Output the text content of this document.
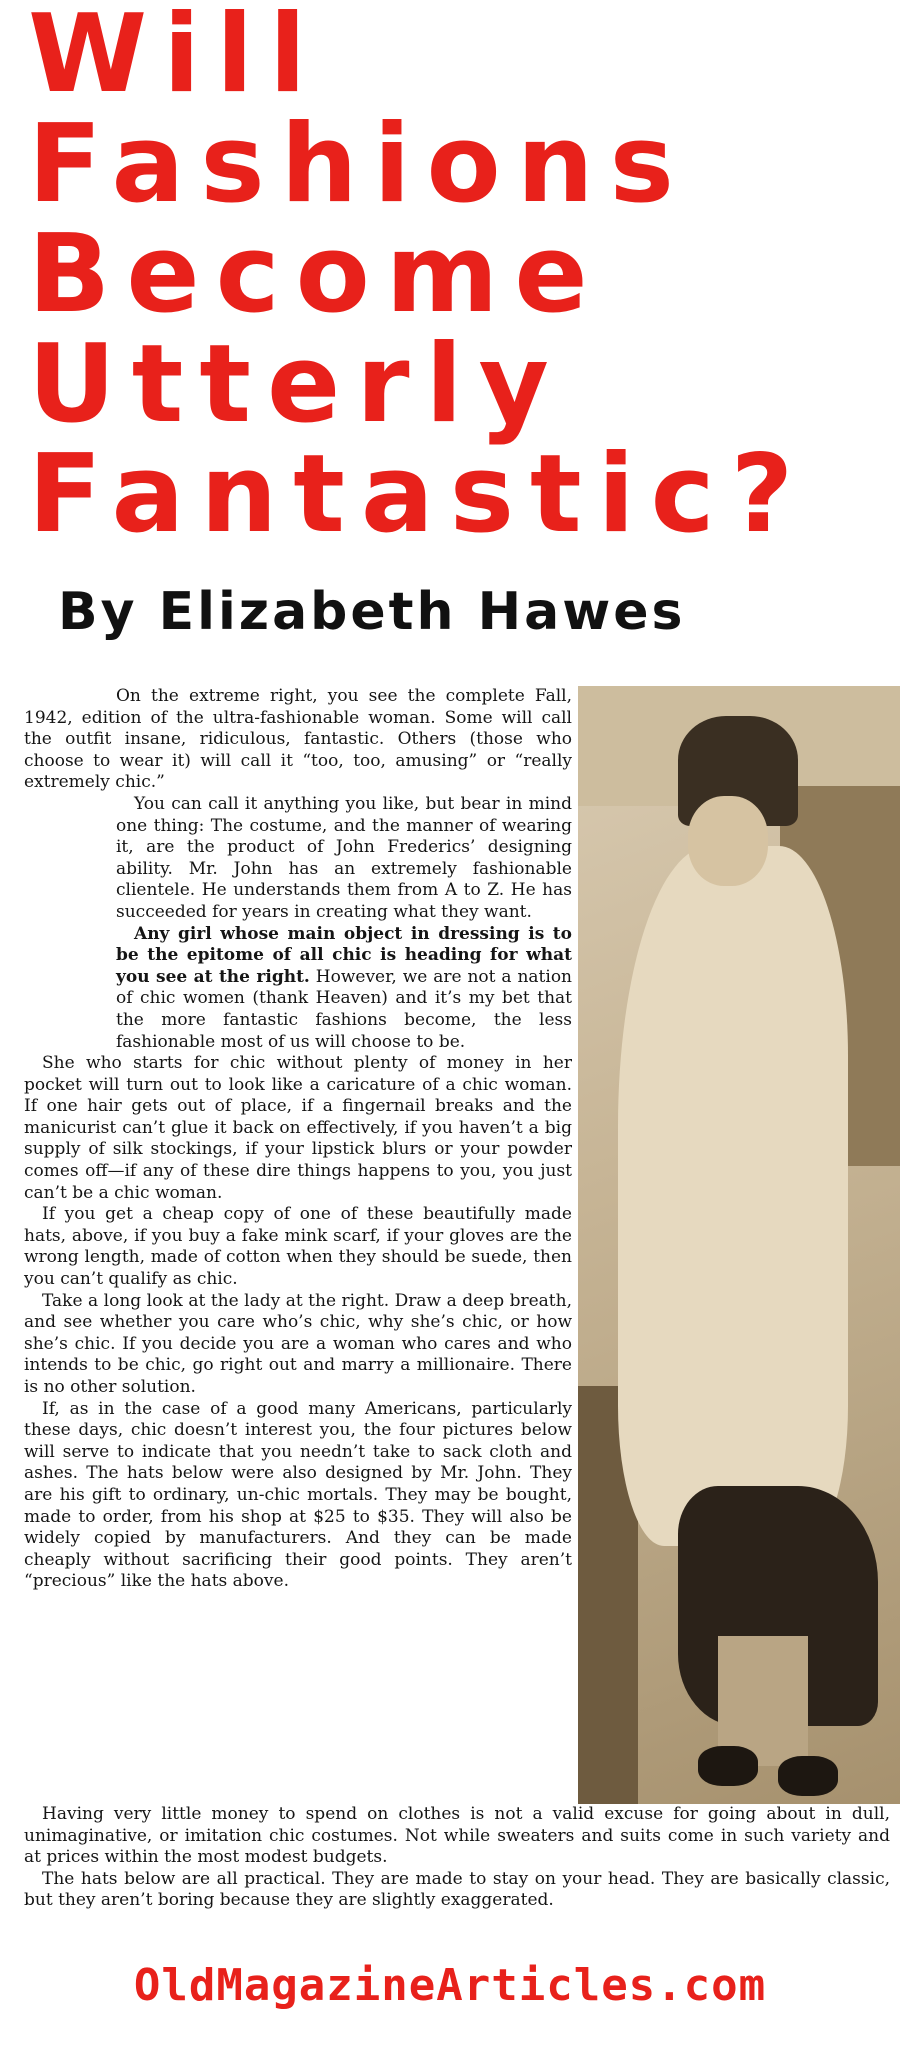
Will
Fashions
Become
Utterly
Fantastic?
By Elizabeth Hawes

On the extreme right, you see the complete Fall, 1942, edition of the ultra-fashionable woman. Some will call the outfit insane, ridiculous, fantastic. Others (those who choose to wear it) will call it “too, too, amusing” or “really extremely chic.”

You can call it anything you like, but bear in mind one thing: The costume, and the manner of wearing it, are the product of John Frederics’ designing ability. Mr. John has an extremely fashionable clientele. He understands them from A to Z. He has succeeded for years in creating what they want.

Any girl whose main object in dressing is to be the epitome of all chic is heading for what you see at the right. However, we are not a nation of chic women (thank Heaven) and it’s my bet that the more fantastic fashions become, the less fashionable most of us will choose to be.

She who starts for chic without plenty of money in her pocket will turn out to look like a caricature of a chic woman. If one hair gets out of place, if a fingernail breaks and the manicurist can’t glue it back on effectively, if you haven’t a big supply of silk stockings, if your lipstick blurs or your powder comes off—if any of these dire things happens to you, you just can’t be a chic woman.

If you get a cheap copy of one of these beautifully made hats, above, if you buy a fake mink scarf, if your gloves are the wrong length, made of cotton when they should be suede, then you can’t qualify as chic.

Take a long look at the lady at the right. Draw a deep breath, and see whether you care who’s chic, why she’s chic, or how she’s chic. If you decide you are a woman who cares and who intends to be chic, go right out and marry a millionaire. There is no other solution.

If, as in the case of a good many Americans, particularly these days, chic doesn’t interest you, the four pictures below will serve to indicate that you needn’t take to sack cloth and ashes. The hats below were also designed by Mr. John. They are his gift to ordinary, un-chic mortals. They may be bought, made to order, from his shop at $25 to $35. They will also be widely copied by manufacturers. And they can be made cheaply without sacrificing their good points. They aren’t “precious” like the hats above.

Having very little money to spend on clothes is not a valid excuse for going about in dull, unimaginative, or imitation chic costumes. Not while sweaters and suits come in such variety and at prices within the most modest budgets.

The hats below are all practical. They are made to stay on your head. They are basically classic, but they aren’t boring because they are slightly exaggerated.

OldMagazineArticles.com
